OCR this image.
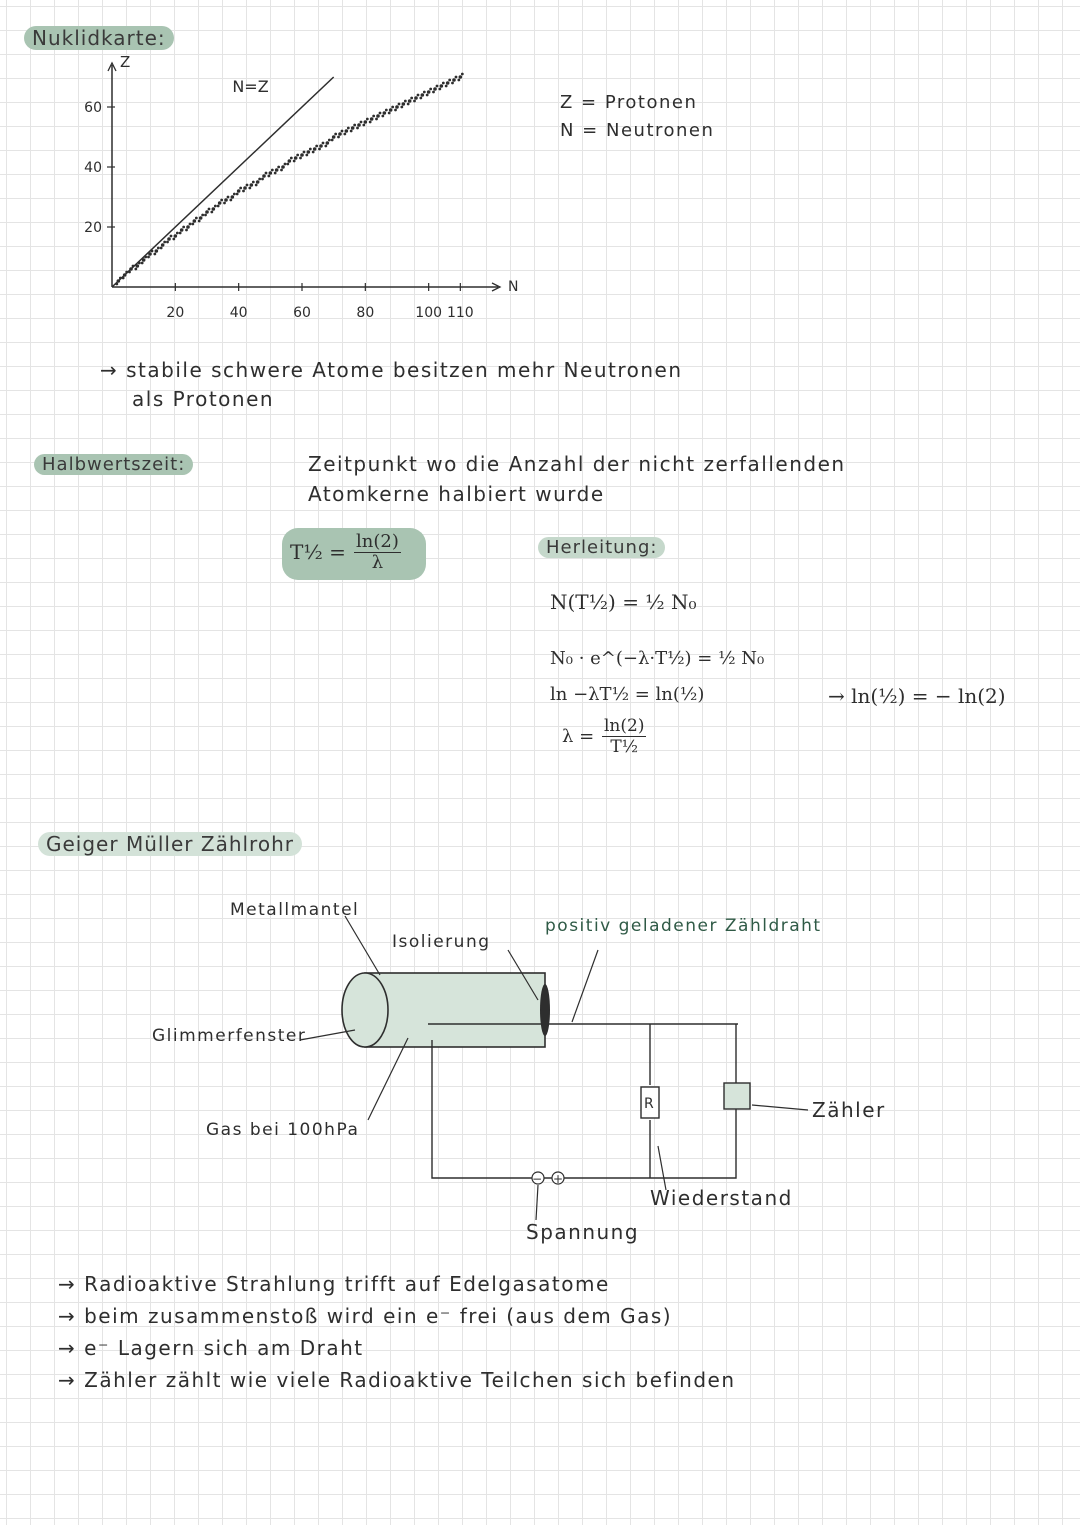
Nuklidkarte:
20	40	60	80	100 110
20
40
60
N
Z
N=Z
Z = Protonen
N = Neutronen
→ stabile schwere Atome besitzen mehr Neutronen
als Protonen
Halbwertszeit:	Zeitpunkt wo die Anzahl der nicht zerfallenden
Atomkerne halbiert wurde
T½ = $\frac{\ln(2)}{\lambda}$	Herleitung:
N(T½) = ½ N₀
N₀ · e^(−λ·T½) = ½ N₀
ln −λT½ = ln(½)
$\lambda = \frac{\ln(2)}{\text{T½}}$
→ ln(½) = − ln(2)
Geiger Müller Zählrohr
R
− +
Metallmantel
Isolierung
positiv geladener Zähldraht
Glimmerfenster
Gas bei 100hPa
Zähler
Wiederstand
Spannung
→ Radioaktive Strahlung trifft auf Edelgasatome
→ beim zusammenstoß wird ein e⁻ frei (aus dem Gas)
→ e⁻ Lagern sich am Draht
→ Zähler zählt wie viele Radioaktive Teilchen sich befinden
